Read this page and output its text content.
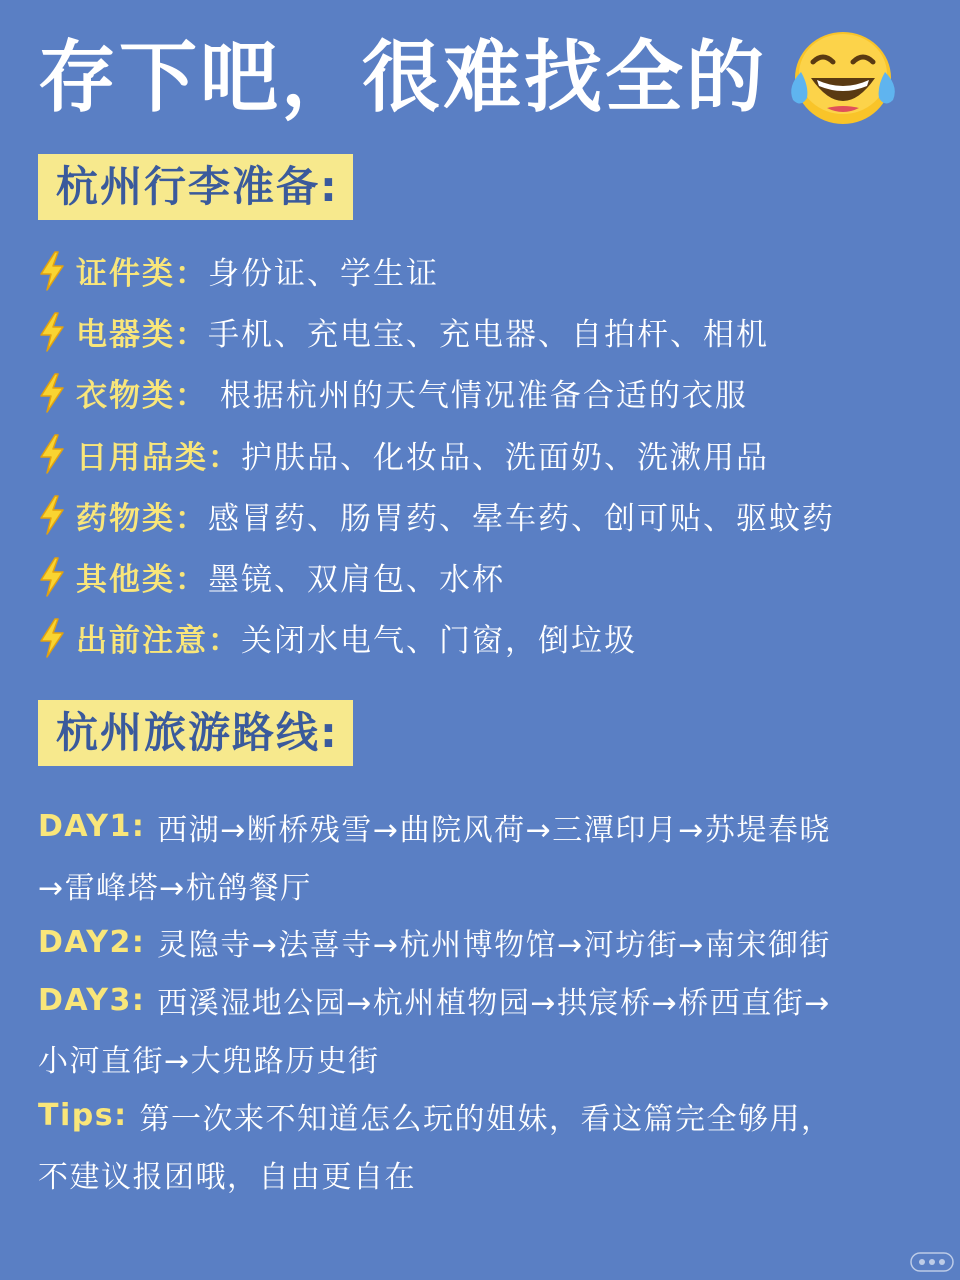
存下吧，很难找全的
杭州行李准备:
证件类： 身份证、学生证
电器类： 手机、充电宝、充电器、自拍杆、相机
衣物类： 根据杭州的天气情况准备合适的衣服
日用品类： 护肤品、化妆品、洗面奶、洗漱用品
药物类： 感冒药、肠胃药、晕车药、创可贴、驱蚊药
其他类： 墨镜、双肩包、水杯
出前注意： 关闭水电气、门窗，倒垃圾
杭州旅游路线:
DAY1: 西湖→断桥残雪→曲院风荷→三潭印月→苏堤春晓
→雷峰塔→杭鸽餐厅
DAY2: 灵隐寺→法喜寺→杭州博物馆→河坊街→南宋御街
DAY3: 西溪湿地公园→杭州植物园→拱宸桥→桥西直街→
小河直街→大兜路历史街
Tips: 第一次来不知道怎么玩的姐妹，看这篇完全够用，
不建议报团哦，自由更自在
